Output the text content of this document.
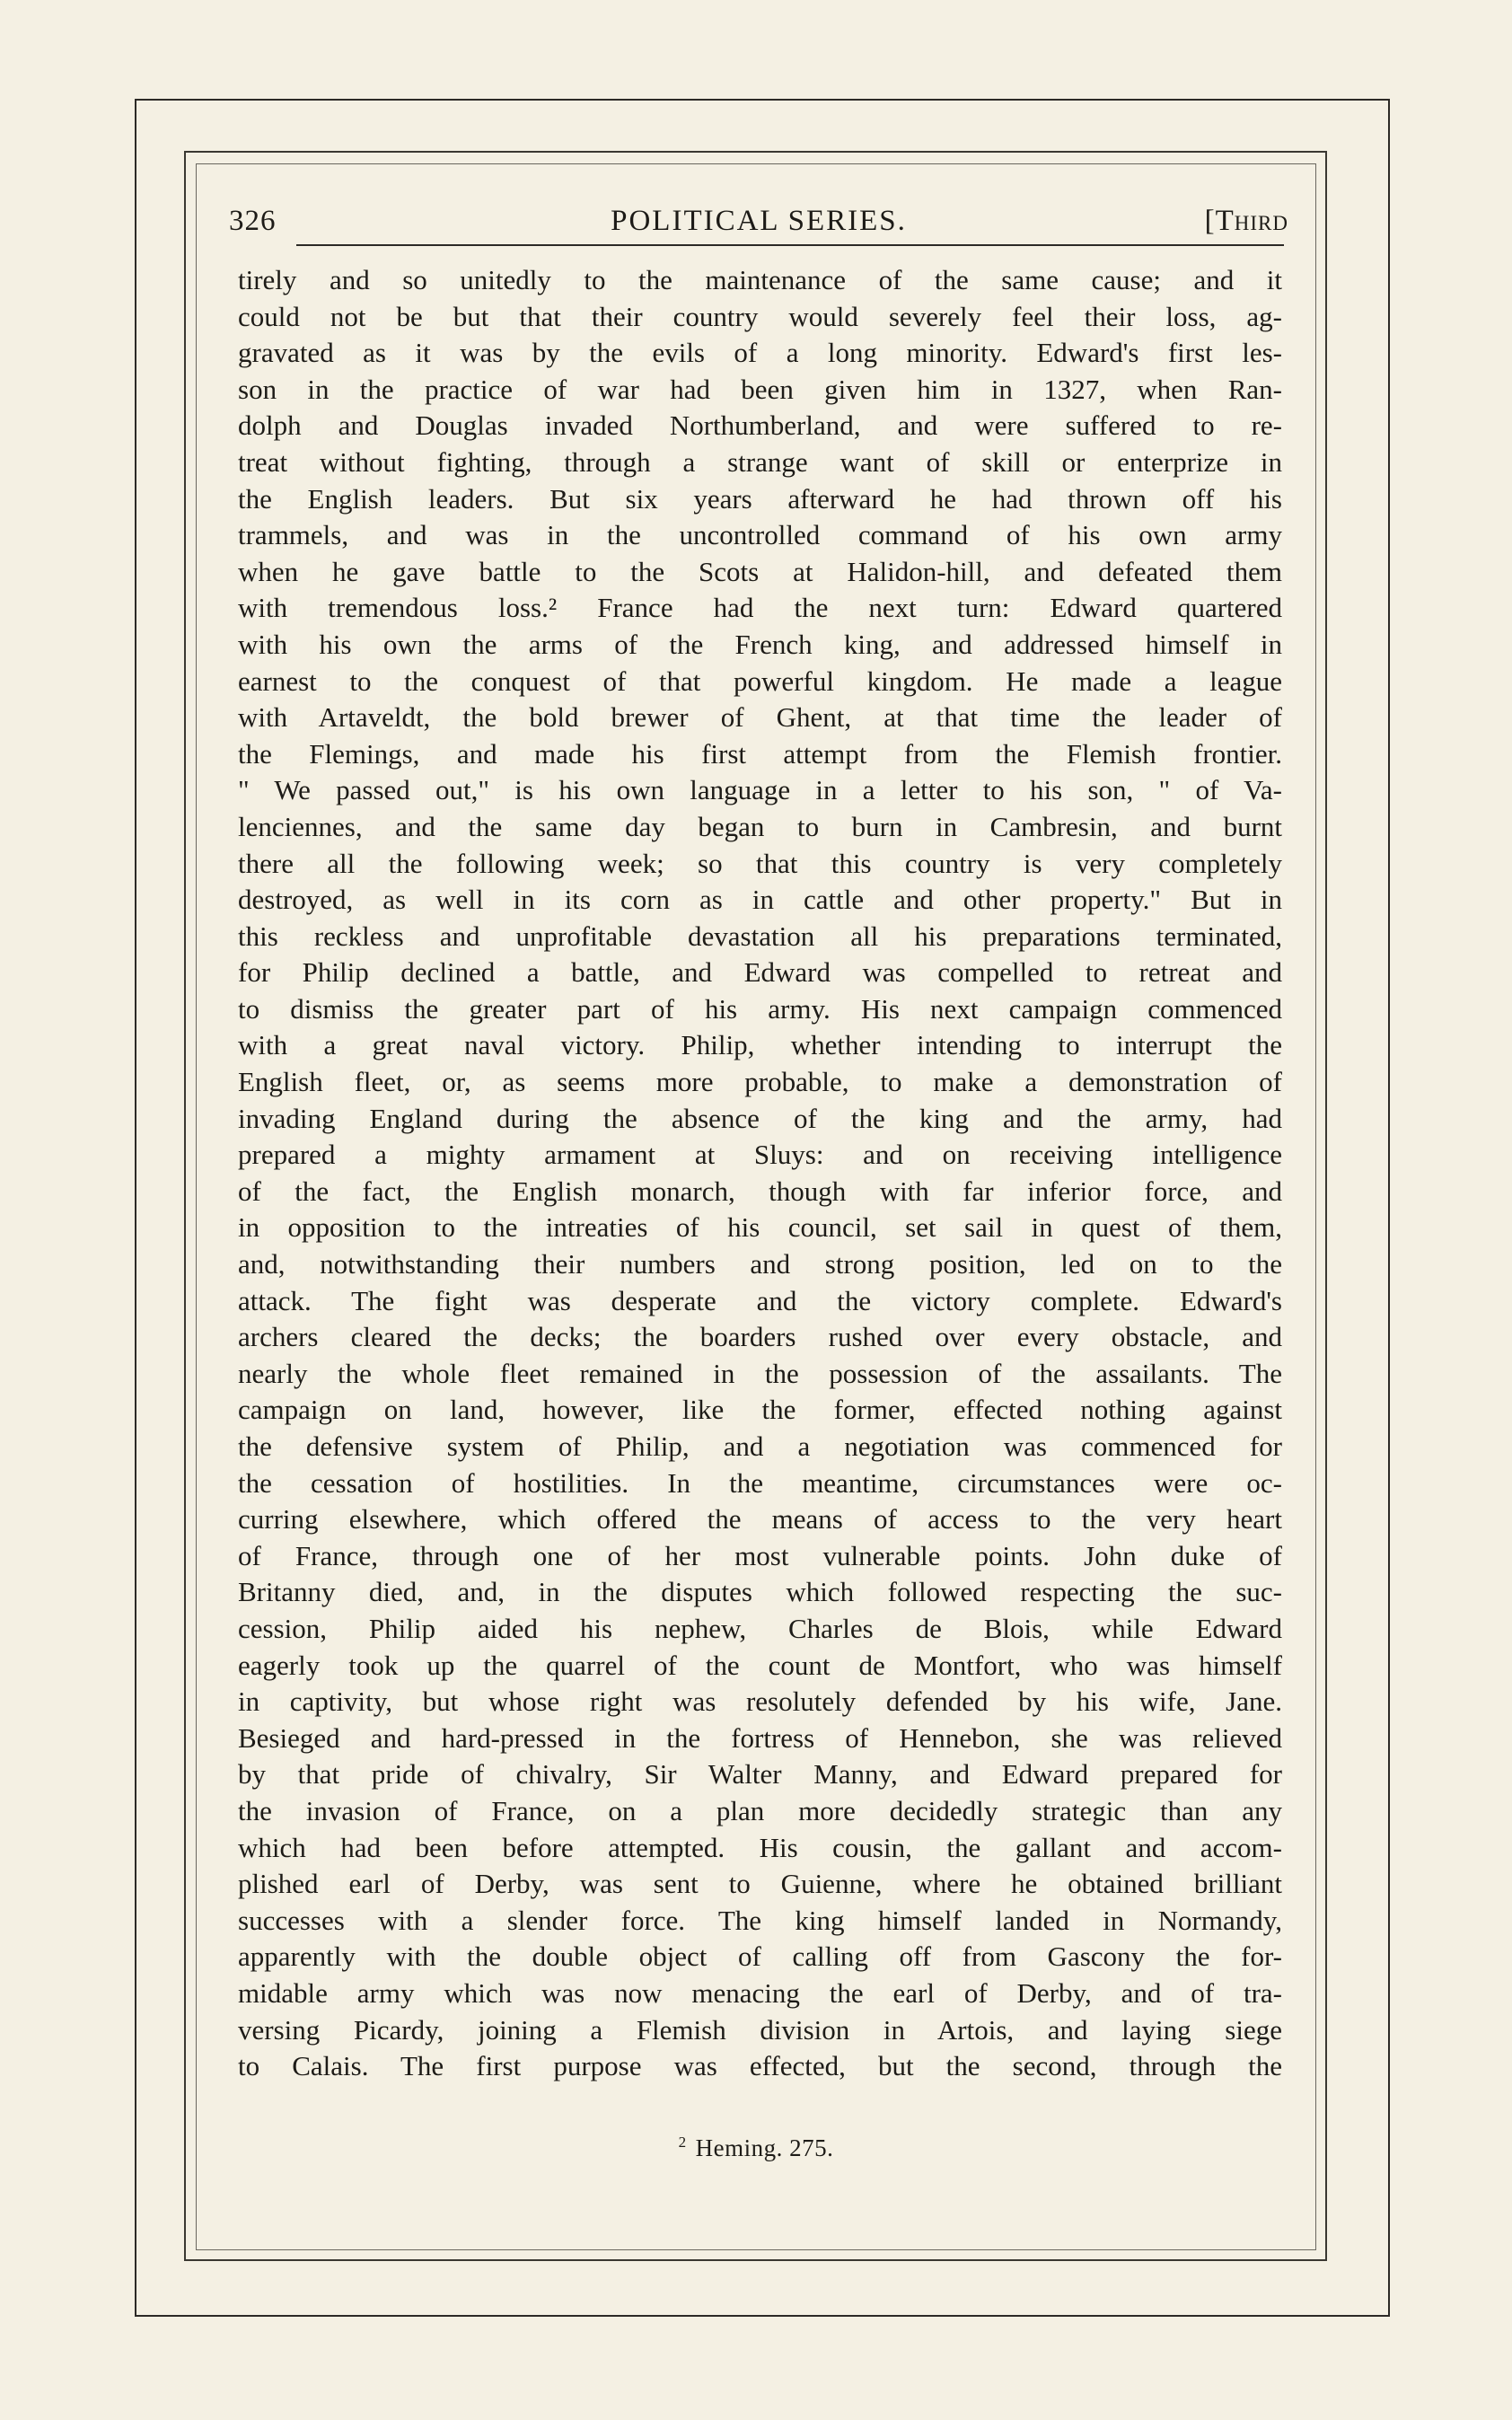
326	POLITICAL SERIES.	[Third
tirely and so unitedly to the maintenance of the same cause; and it
could not be but that their country would severely feel their loss, ag-
gravated as it was by the evils of a long minority. Edward's first les-
son in the practice of war had been given him in 1327, when Ran-
dolph and Douglas invaded Northumberland, and were suffered to re-
treat without fighting, through a strange want of skill or enterprize in
the English leaders. But six years afterward he had thrown off his
trammels, and was in the uncontrolled command of his own army
when he gave battle to the Scots at Halidon-hill, and defeated them
with tremendous loss.² France had the next turn: Edward quartered
with his own the arms of the French king, and addressed himself in
earnest to the conquest of that powerful kingdom. He made a league
with Artaveldt, the bold brewer of Ghent, at that time the leader of
the Flemings, and made his first attempt from the Flemish frontier.
" We passed out," is his own language in a letter to his son, " of Va-
lenciennes, and the same day began to burn in Cambresin, and burnt
there all the following week; so that this country is very completely
destroyed, as well in its corn as in cattle and other property." But in
this reckless and unprofitable devastation all his preparations terminated,
for Philip declined a battle, and Edward was compelled to retreat and
to dismiss the greater part of his army. His next campaign commenced
with a great naval victory. Philip, whether intending to interrupt the
English fleet, or, as seems more probable, to make a demonstration of
invading England during the absence of the king and the army, had
prepared a mighty armament at Sluys: and on receiving intelligence
of the fact, the English monarch, though with far inferior force, and
in opposition to the intreaties of his council, set sail in quest of them,
and, notwithstanding their numbers and strong position, led on to the
attack. The fight was desperate and the victory complete. Edward's
archers cleared the decks; the boarders rushed over every obstacle, and
nearly the whole fleet remained in the possession of the assailants. The
campaign on land, however, like the former, effected nothing against
the defensive system of Philip, and a negotiation was commenced for
the cessation of hostilities. In the meantime, circumstances were oc-
curring elsewhere, which offered the means of access to the very heart
of France, through one of her most vulnerable points. John duke of
Britanny died, and, in the disputes which followed respecting the suc-
cession, Philip aided his nephew, Charles de Blois, while Edward
eagerly took up the quarrel of the count de Montfort, who was himself
in captivity, but whose right was resolutely defended by his wife, Jane.
Besieged and hard-pressed in the fortress of Hennebon, she was relieved
by that pride of chivalry, Sir Walter Manny, and Edward prepared for
the invasion of France, on a plan more decidedly strategic than any
which had been before attempted. His cousin, the gallant and accom-
plished earl of Derby, was sent to Guienne, where he obtained brilliant
successes with a slender force. The king himself landed in Normandy,
apparently with the double object of calling off from Gascony the for-
midable army which was now menacing the earl of Derby, and of tra-
versing Picardy, joining a Flemish division in Artois, and laying siege
to Calais. The first purpose was effected, but the second, through the
$^2$ Heming. 275.
